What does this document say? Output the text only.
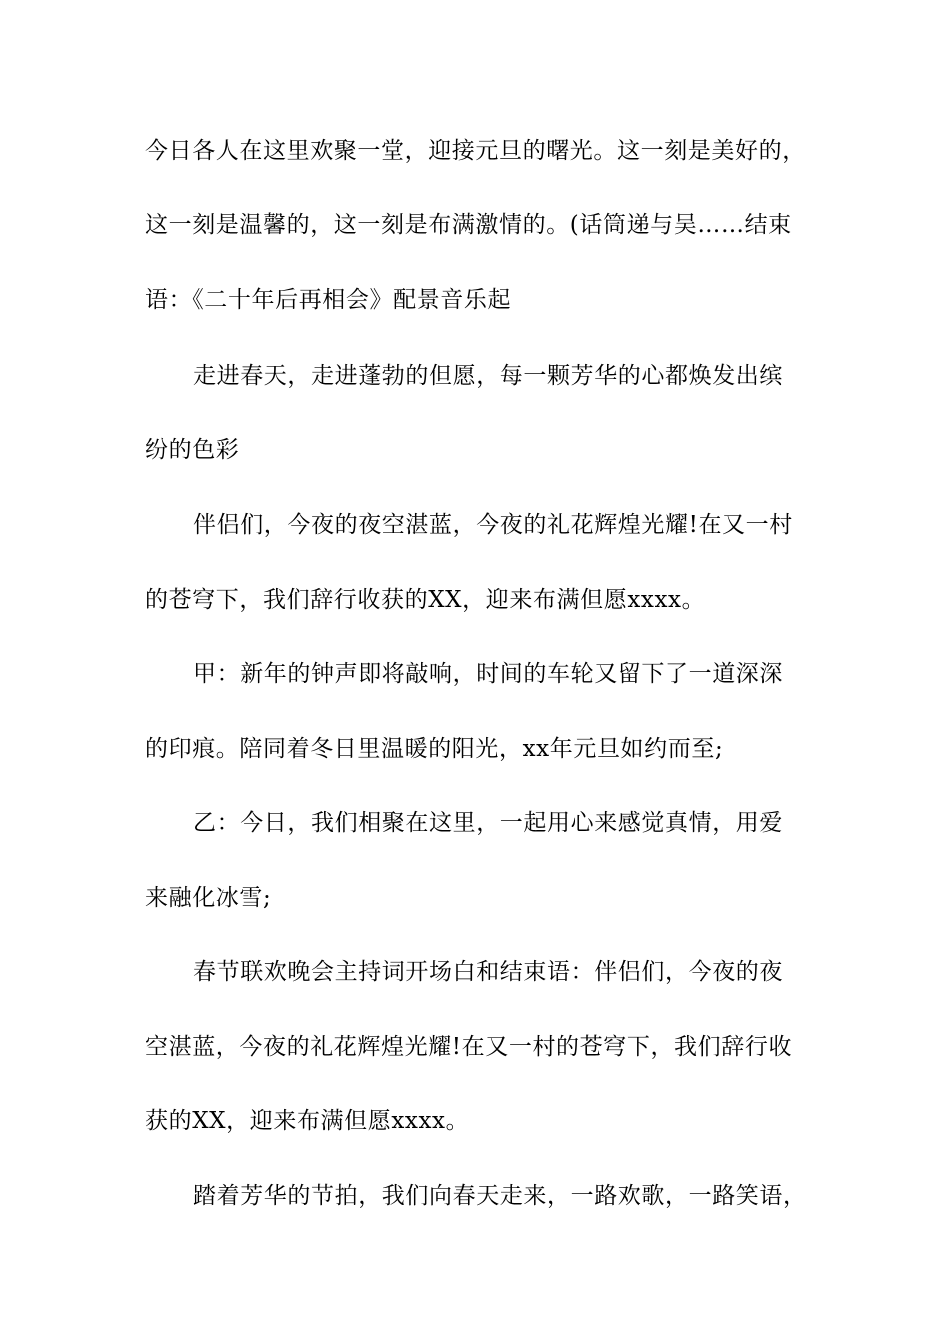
今日各人在这里欢聚一堂，迎接元旦的曙光。这一刻是美好的，
这一刻是温馨的，这一刻是布满激情的。(话筒递与吴……结束
语：《二十年后再相会》配景音乐起
走进春天，走进蓬勃的但愿，每一颗芳华的心都焕发出缤
纷的色彩
伴侣们，今夜的夜空湛蓝，今夜的礼花辉煌光耀!在又一村
的苍穹下，我们辞行收获的XX，迎来布满但愿xxxx。
甲：新年的钟声即将敲响，时间的车轮又留下了一道深深
的印痕。陪同着冬日里温暖的阳光，xx年元旦如约而至;
乙：今日，我们相聚在这里，一起用心来感觉真情，用爱
来融化冰雪;
春节联欢晚会主持词开场白和结束语：伴侣们，今夜的夜
空湛蓝，今夜的礼花辉煌光耀!在又一村的苍穹下，我们辞行收
获的XX，迎来布满但愿xxxx。
踏着芳华的节拍，我们向春天走来，一路欢歌，一路笑语，
